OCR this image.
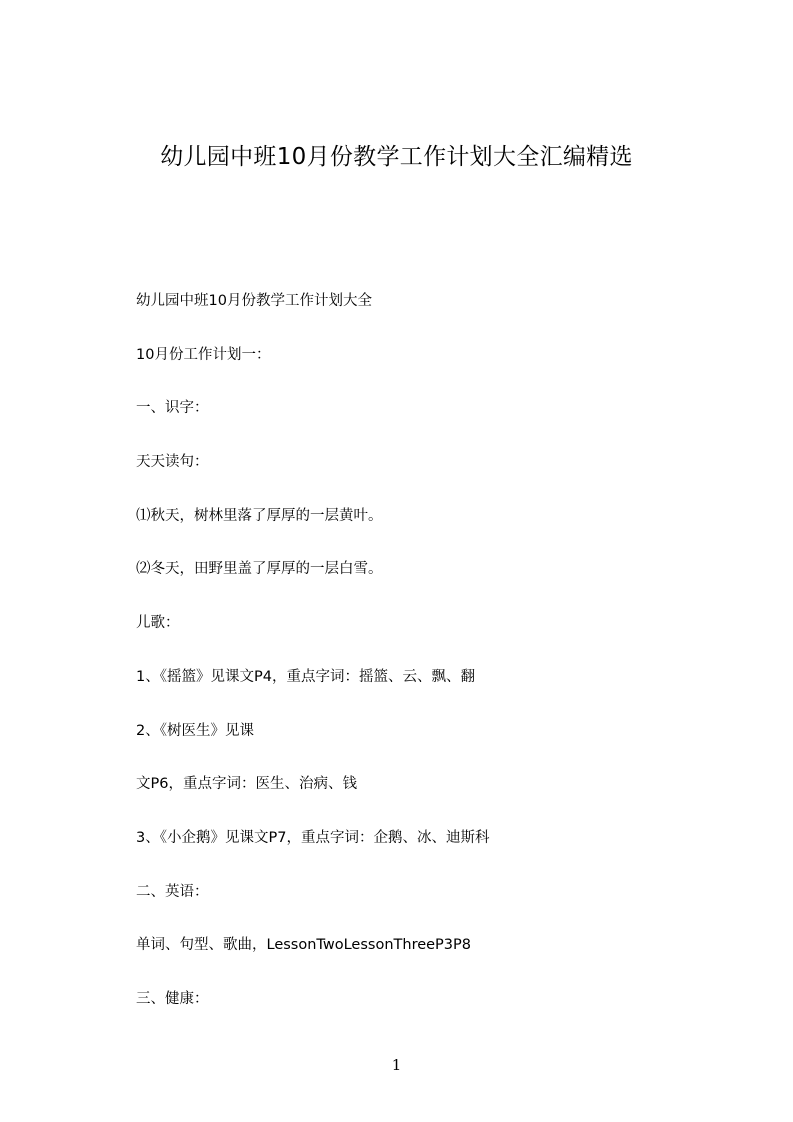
幼儿园中班10月份教学工作计划大全汇编精选

幼儿园中班10月份教学工作计划大全

10月份工作计划一：

一、识字：

天天读句：

⑴秋天，树林里落了厚厚的一层黄叶。

⑵冬天，田野里盖了厚厚的一层白雪。

儿歌：

1、《摇篮》见课文P4，重点字词：摇篮、云、飘、翻

2、《树医生》见课

文P6，重点字词：医生、治病、钱

3、《小企鹅》见课文P7，重点字词：企鹅、冰、迪斯科

二、英语：

单词、句型、歌曲，LessonTwoLessonThreeP3P8

三、健康：

1
